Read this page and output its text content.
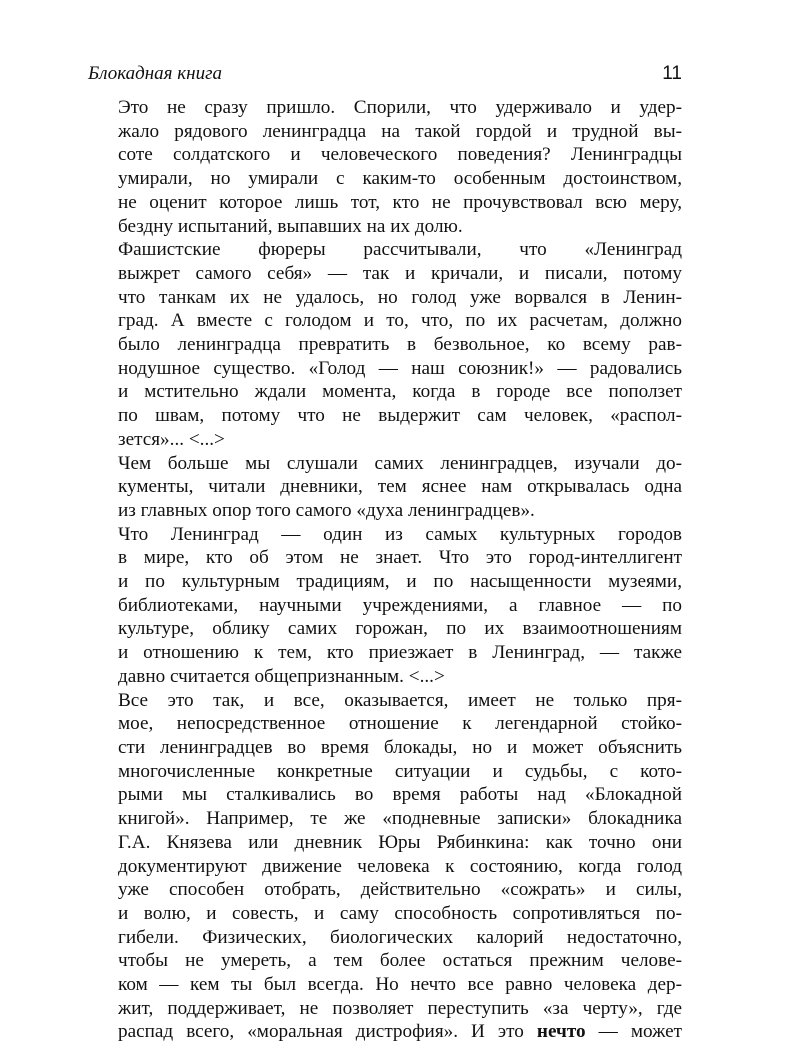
Блокадная книга	11
Это не сразу пришло. Спорили, что удерживало и удер-
жало рядового ленинградца на такой гордой и трудной вы-
соте солдатского и человеческого поведения? Ленинградцы
умирали, но умирали с каким-то особенным достоинством,
не оценит которое лишь тот, кто не прочувствовал всю меру,
бездну испытаний, выпавших на их долю.
Фашистские фюреры рассчитывали, что «Ленинград
выжрет самого себя» — так и кричали, и писали, потому
что танкам их не удалось, но голод уже ворвался в Ленин-
град. А вместе с голодом и то, что, по их расчетам, должно
было ленинградца превратить в безвольное, ко всему рав-
нодушное существо. «Голод — наш союзник!» — радовались
и мстительно ждали момента, когда в городе все поползет
по швам, потому что не выдержит сам человек, «распол-
зется»... <...>
Чем больше мы слушали самих ленинградцев, изучали до-
кументы, читали дневники, тем яснее нам открывалась одна
из главных опор того самого «духа ленинградцев».
Что Ленинград — один из самых культурных городов
в мире, кто об этом не знает. Что это город-интеллигент
и по культурным традициям, и по насыщенности музеями,
библиотеками, научными учреждениями, а главное — по
культуре, облику самих горожан, по их взаимоотношениям
и отношению к тем, кто приезжает в Ленинград, — также
давно считается общепризнанным. <...>
Все это так, и все, оказывается, имеет не только пря-
мое, непосредственное отношение к легендарной стойко-
сти ленинградцев во время блокады, но и может объяснить
многочисленные конкретные ситуации и судьбы, с кото-
рыми мы сталкивались во время работы над «Блокадной
книгой». Например, те же «подневные записки» блокадника
Г.А. Князева или дневник Юры Рябинкина: как точно они
документируют движение человека к состоянию, когда голод
уже способен отобрать, действительно «сожрать» и силы,
и волю, и совесть, и саму способность сопротивляться по-
гибели. Физических, биологических калорий недостаточно,
чтобы не умереть, а тем более остаться прежним челове-
ком — кем ты был всегда. Но нечто все равно человека дер-
жит, поддерживает, не позволяет переступить «за черту», где
распад всего, «моральная дистрофия». И это нечто — может
